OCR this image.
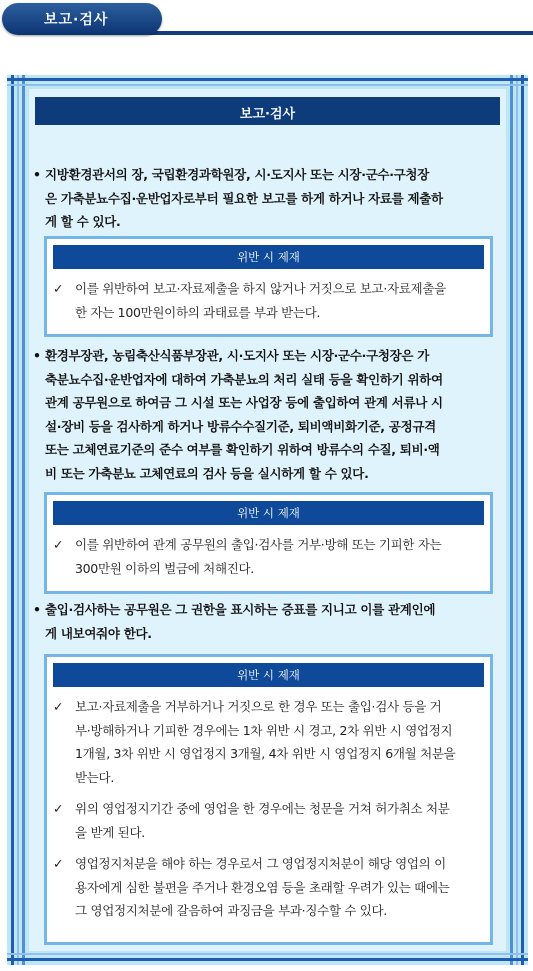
보고·검사
보고·검사
• 지방환경관서의 장, 국립환경과학원장, 시·도지사 또는 시장·군수·구청장
은 가축분뇨수집·운반업자로부터 필요한 보고를 하게 하거나 자료를 제출하
게 할 수 있다.
위반 시 제재
✓ 이를 위반하여 보고·자료제출을 하지 않거나 거짓으로 보고·자료제출을
한 자는 100만원이하의 과태료를 부과 받는다.
• 환경부장관, 농림축산식품부장관, 시·도지사 또는 시장·군수·구청장은 가
축분뇨수집·운반업자에 대하여 가축분뇨의 처리 실태 등을 확인하기 위하여
관계 공무원으로 하여금 그 시설 또는 사업장 등에 출입하여 관계 서류나 시
설·장비 등을 검사하게 하거나 방류수수질기준, 퇴비액비화기준, 공정규격
또는 고체연료기준의 준수 여부를 확인하기 위하여 방류수의 수질, 퇴비·액
비 또는 가축분뇨 고체연료의 검사 등을 실시하게 할 수 있다.
위반 시 제재
✓ 이를 위반하여 관계 공무원의 출입·검사를 거부·방해 또는 기피한 자는
300만원 이하의 벌금에 처해진다.
• 출입·검사하는 공무원은 그 권한을 표시하는 증표를 지니고 이를 관계인에
게 내보여줘야 한다.
위반 시 제재
✓ 보고·자료제출을 거부하거나 거짓으로 한 경우 또는 출입·검사 등을 거
부·방해하거나 기피한 경우에는 1차 위반 시 경고, 2차 위반 시 영업정지
1개월, 3차 위반 시 영업정지 3개월, 4차 위반 시 영업정지 6개월 처분을
받는다.
✓ 위의 영업정지기간 중에 영업을 한 경우에는 청문을 거쳐 허가취소 처분
을 받게 된다.
✓ 영업정지처분을 해야 하는 경우로서 그 영업정지처분이 해당 영업의 이
용자에게 심한 불편을 주거나 환경오염 등을 초래할 우려가 있는 때에는
그 영업정지처분에 갈음하여 과징금을 부과·징수할 수 있다.
